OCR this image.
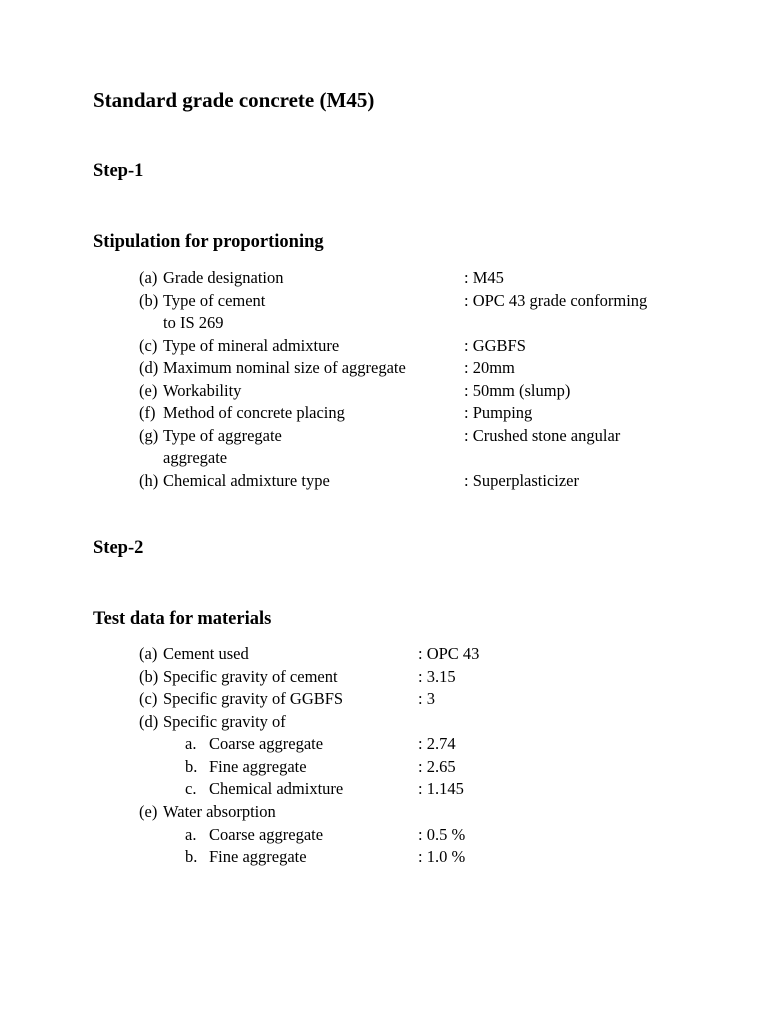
Standard grade concrete (M45)
Step-1
Stipulation for proportioning
(a) Grade designation	: M45
(b) Type of cement	: OPC 43 grade conforming
to IS 269
(c) Type of mineral admixture	: GGBFS
(d) Maximum nominal size of aggregate	: 20mm
(e) Workability	: 50mm (slump)
(f) Method of concrete placing	: Pumping
(g) Type of aggregate	: Crushed stone angular
aggregate
(h) Chemical admixture type	: Superplasticizer
Step-2
Test data for materials
(a) Cement used	: OPC 43
(b) Specific gravity of cement	: 3.15
(c) Specific gravity of GGBFS	: 3
(d) Specific gravity of
a. Coarse aggregate	: 2.74
b. Fine aggregate	: 2.65
c. Chemical admixture	: 1.145
(e) Water absorption
a. Coarse aggregate	: 0.5 %
b. Fine aggregate	: 1.0 %
